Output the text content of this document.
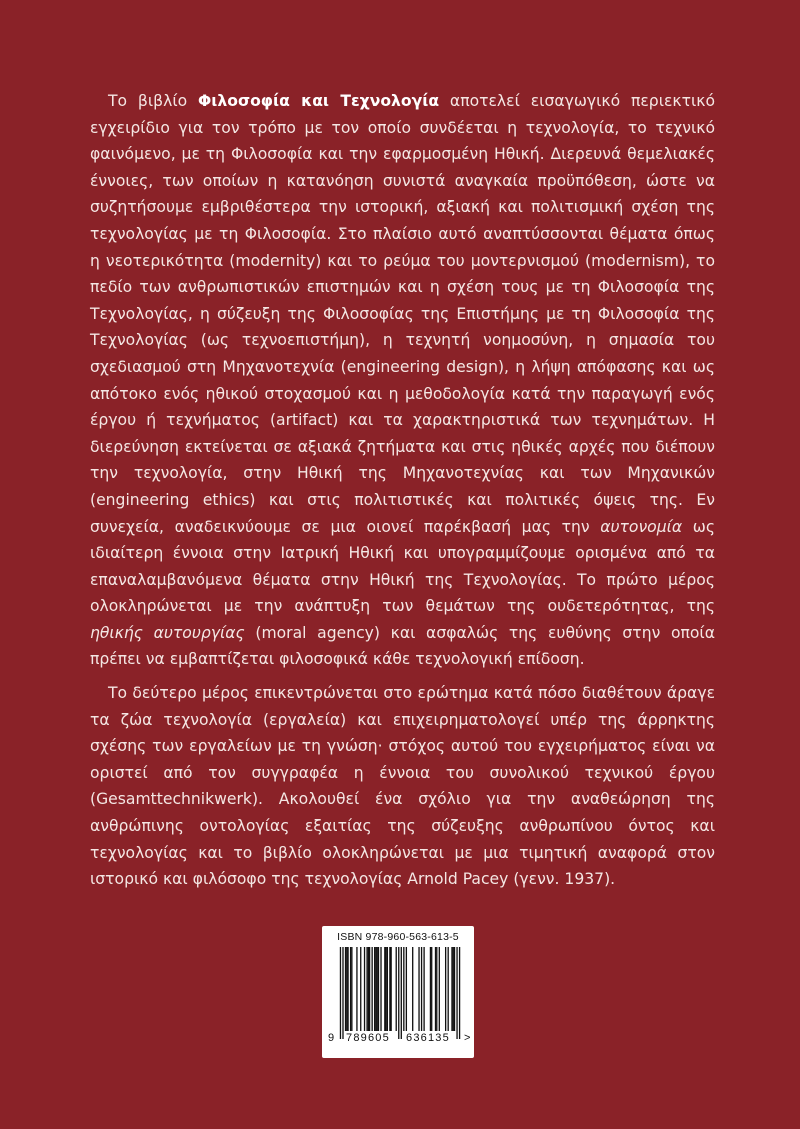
Το βιβλίο Φιλοσοφία και Τεχνολογία αποτελεί εισαγωγικό περιεκτικό εγχειρίδιο για τον τρόπο με τον οποίο συνδέεται η τεχνολογία, το τεχνικό φαινόμενο, με τη Φιλοσοφία και την εφαρμοσμένη Ηθική. Διερευνά θεμελιακές έννοιες, των οποίων η κατανόηση συνιστά αναγκαία προϋπόθεση, ώστε να συζητήσουμε εμβριθέστερα την ιστορική, αξιακή και πολιτισμική σχέση της τεχνολογίας με τη Φιλοσοφία. Στο πλαίσιο αυτό αναπτύσσονται θέματα όπως η νεοτερικότητα (modernity) και το ρεύμα του μοντερνισμού (modernism), το πεδίο των ανθρωπιστικών επιστημών και η σχέση τους με τη Φιλοσοφία της Τεχνολογίας, η σύζευξη της Φιλοσοφίας της Επιστήμης με τη Φιλοσοφία της Τεχνολογίας (ως τεχνοεπιστήμη), η τεχνητή νοημοσύνη, η σημασία του σχεδιασμού στη Μηχανοτεχνία (engineering design), η λήψη απόφασης και ως απότοκο ενός ηθικού στοχασμού και η μεθοδολογία κατά την παραγωγή ενός έργου ή τεχνήματος (artifact) και τα χαρακτηριστικά των τεχνημάτων. Η διερεύνηση εκτείνεται σε αξιακά ζητήματα και στις ηθικές αρχές που διέπουν την τεχνολογία, στην Ηθική της Μηχανοτεχνίας και των Μηχανικών (engineering ethics) και στις πολιτιστικές και πολιτικές όψεις της. Εν συνεχεία, αναδεικνύουμε σε μια οιονεί παρέκβασή μας την αυτονομία ως ιδιαίτερη έννοια στην Ιατρική Ηθική και υπογραμμίζουμε ορισμένα από τα επαναλαμβανόμενα θέματα στην Ηθική της Τεχνολογίας. Το πρώτο μέρος ολοκληρώνεται με την ανάπτυξη των θεμάτων της ουδετερότητας, της ηθικής αυτουργίας (moral agency) και ασφαλώς της ευθύνης στην οποία πρέπει να εμβαπτίζεται φιλοσοφικά κάθε τεχνολογική επίδοση.

Το δεύτερο μέρος επικεντρώνεται στο ερώτημα κατά πόσο διαθέτουν άραγε τα ζώα τεχνολογία (εργαλεία) και επιχειρηματολογεί υπέρ της άρρηκτης σχέσης των εργαλείων με τη γνώση· στόχος αυτού του εγχειρήματος είναι να οριστεί από τον συγγραφέα η έννοια του συνολικού τεχνικού έργου (Gesamttechnikwerk). Ακολουθεί ένα σχόλιο για την αναθεώρηση της ανθρώπινης οντολογίας εξαιτίας της σύζευξης ανθρωπίνου όντος και τεχνολογίας και το βιβλίο ολοκληρώνεται με μια τιμητική αναφορά στον ιστορικό και φιλόσοφο της τεχνολογίας Arnold Pacey (γενν. 1937).

ISBN 978-960-563-613-5
9 789605 636135 >
